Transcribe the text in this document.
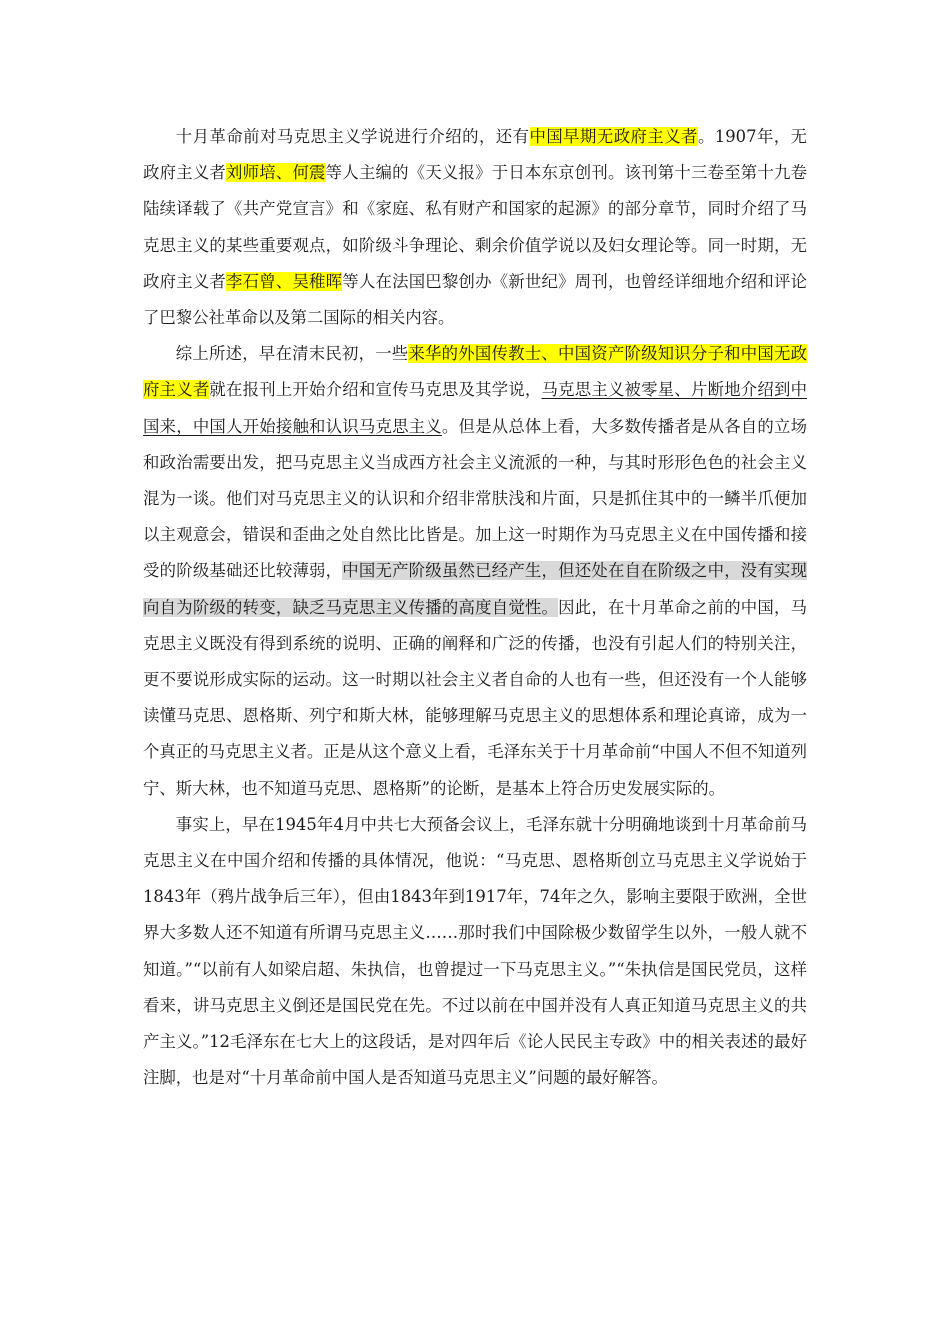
十月革命前对马克思主义学说进行介绍的，还有中国早期无政府主义者。1907年，无政府主义者刘师培、何震等人主编的《天义报》于日本东京创刊。该刊第十三卷至第十九卷陆续译载了《共产党宣言》和《家庭、私有财产和国家的起源》的部分章节，同时介绍了马克思主义的某些重要观点，如阶级斗争理论、剩余价值学说以及妇女理论等。同一时期，无政府主义者李石曾、吴稚晖等人在法国巴黎创办《新世纪》周刊，也曾经详细地介绍和评论了巴黎公社革命以及第二国际的相关内容。

综上所述，早在清末民初，一些来华的外国传教士、中国资产阶级知识分子和中国无政府主义者就在报刊上开始介绍和宣传马克思及其学说，马克思主义被零星、片断地介绍到中国来，中国人开始接触和认识马克思主义。但是从总体上看，大多数传播者是从各自的立场和政治需要出发，把马克思主义当成西方社会主义流派的一种，与其时形形色色的社会主义混为一谈。他们对马克思主义的认识和介绍非常肤浅和片面，只是抓住其中的一鳞半爪便加以主观意会，错误和歪曲之处自然比比皆是。加上这一时期作为马克思主义在中国传播和接受的阶级基础还比较薄弱，中国无产阶级虽然已经产生，但还处在自在阶级之中，没有实现向自为阶级的转变，缺乏马克思主义传播的高度自觉性。因此，在十月革命之前的中国，马克思主义既没有得到系统的说明、正确的阐释和广泛的传播，也没有引起人们的特别关注，更不要说形成实际的运动。这一时期以社会主义者自命的人也有一些，但还没有一个人能够读懂马克思、恩格斯、列宁和斯大林，能够理解马克思主义的思想体系和理论真谛，成为一个真正的马克思主义者。正是从这个意义上看，毛泽东关于十月革命前“中国人不但不知道列宁、斯大林，也不知道马克思、恩格斯”的论断，是基本上符合历史发展实际的。

事实上，早在1945年4月中共七大预备会议上，毛泽东就十分明确地谈到十月革命前马克思主义在中国介绍和传播的具体情况，他说：“马克思、恩格斯创立马克思主义学说始于1843年（鸦片战争后三年），但由1843年到1917年，74年之久，影响主要限于欧洲，全世界大多数人还不知道有所谓马克思主义……那时我们中国除极少数留学生以外，一般人就不知道。”“以前有人如梁启超、朱执信，也曾提过一下马克思主义。”“朱执信是国民党员，这样看来，讲马克思主义倒还是国民党在先。不过以前在中国并没有人真正知道马克思主义的共产主义。”12毛泽东在七大上的这段话，是对四年后《论人民民主专政》中的相关表述的最好注脚，也是对“十月革命前中国人是否知道马克思主义”问题的最好解答。
